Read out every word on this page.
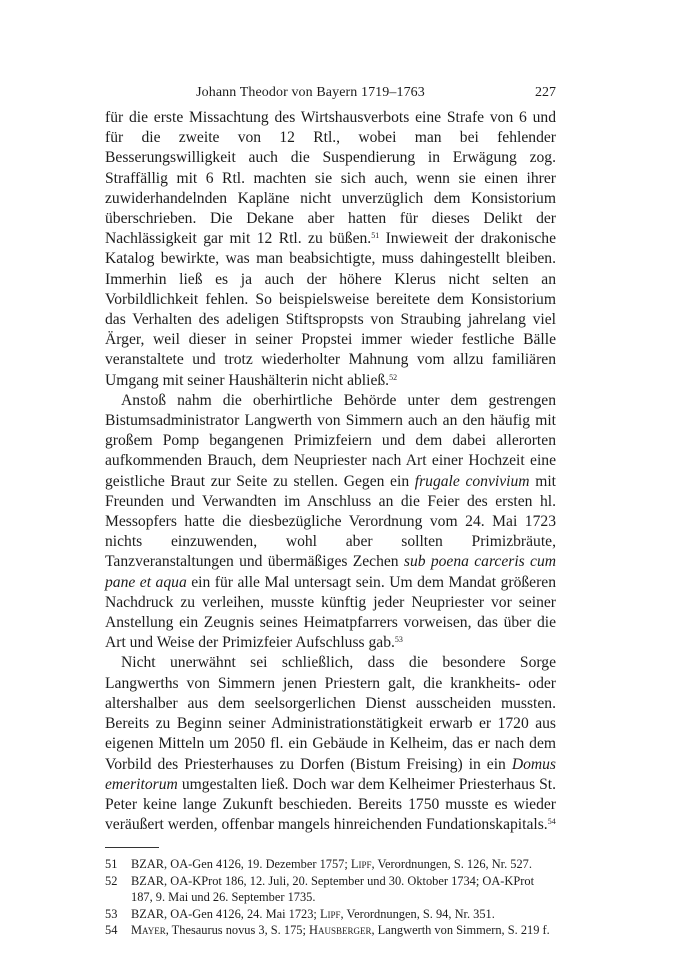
Johann Theodor von Bayern 1719–1763	227

für die erste Missachtung des Wirtshausverbots eine Strafe von 6 und für die zweite von 12 Rtl., wobei man bei fehlender Besserungswilligkeit auch die Suspendierung in Erwägung zog. Straffällig mit 6 Rtl. machten sie sich auch, wenn sie einen ihrer zuwiderhandelnden Kapläne nicht unverzüglich dem Konsistorium überschrieben. Die Dekane aber hatten für dieses Delikt der Nachlässigkeit gar mit 12 Rtl. zu büßen.$^{51}$ Inwieweit der drakonische Katalog bewirkte, was man beabsichtigte, muss dahingestellt bleiben. Immerhin ließ es ja auch der höhere Klerus nicht selten an Vorbildlichkeit fehlen. So beispielsweise bereitete dem Konsistorium das Verhalten des adeligen Stiftspropsts von Straubing jahrelang viel Ärger, weil dieser in seiner Propstei immer wieder festliche Bälle veranstaltete und trotz wiederholter Mahnung vom allzu familiären Umgang mit seiner Haushälterin nicht abließ.$^{52}$

Anstoß nahm die oberhirtliche Behörde unter dem gestrengen Bistumsadministrator Langwerth von Simmern auch an den häufig mit großem Pomp begangenen Primizfeiern und dem dabei allerorten aufkommenden Brauch, dem Neupriester nach Art einer Hochzeit eine geistliche Braut zur Seite zu stellen. Gegen ein frugale convivium mit Freunden und Verwandten im Anschluss an die Feier des ersten hl. Messopfers hatte die diesbezügliche Verordnung vom 24. Mai 1723 nichts einzuwenden, wohl aber sollten Primizbräute, Tanzveranstaltungen und übermäßiges Zechen sub poena carceris cum pane et aqua ein für alle Mal untersagt sein. Um dem Mandat größeren Nachdruck zu verleihen, musste künftig jeder Neupriester vor seiner Anstellung ein Zeugnis seines Heimatpfarrers vorweisen, das über die Art und Weise der Primizfeier Aufschluss gab.$^{53}$

Nicht unerwähnt sei schließlich, dass die besondere Sorge Langwerths von Simmern jenen Priestern galt, die krankheits- oder altershalber aus dem seelsorgerlichen Dienst ausscheiden mussten. Bereits zu Beginn seiner Administrationstätigkeit erwarb er 1720 aus eigenen Mitteln um 2050 fl. ein Gebäude in Kelheim, das er nach dem Vorbild des Priesterhauses zu Dorfen (Bistum Freising) in ein Domus emeritorum umgestalten ließ. Doch war dem Kelheimer Priesterhaus St. Peter keine lange Zukunft beschieden. Bereits 1750 musste es wieder veräußert werden, offenbar mangels hinreichenden Fundationskapitals.$^{54}$

51 BZAR, OA-Gen 4126, 19. Dezember 1757; Lipf, Verordnungen, S. 126, Nr. 527.
52 BZAR, OA-KProt 186, 12. Juli, 20. September und 30. Oktober 1734; OA-KProt 187, 9. Mai und 26. September 1735.
53 BZAR, OA-Gen 4126, 24. Mai 1723; Lipf, Verordnungen, S. 94, Nr. 351.
54 Mayer, Thesaurus novus 3, S. 175; Hausberger, Langwerth von Simmern, S. 219 f.
